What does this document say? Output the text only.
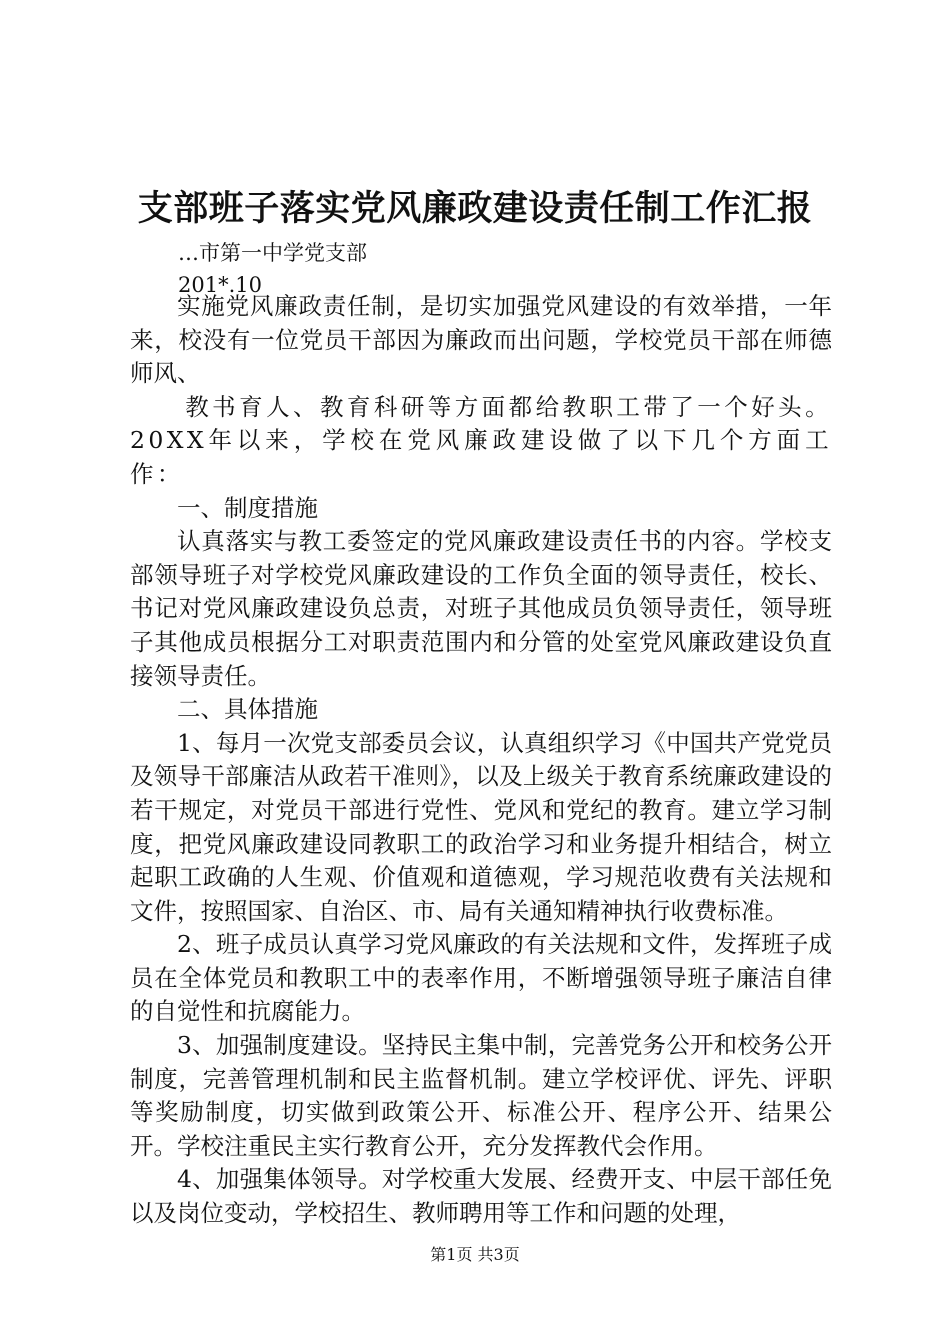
支部班子落实党风廉政建设责任制工作汇报
…市第一中学党支部
201*.10

实施党风廉政责任制，是切实加强党风建设的有效举措，一年来，校没有一位党员干部因为廉政而出问题，学校党员干部在师德师风、

教书育人、教育科研等方面都给教职工带了一个好头。20XX年以来，学校在党风廉政建设做了以下几个方面工作：

一、制度措施

认真落实与教工委签定的党风廉政建设责任书的内容。学校支部领导班子对学校党风廉政建设的工作负全面的领导责任，校长、书记对党风廉政建设负总责，对班子其他成员负领导责任，领导班子其他成员根据分工对职责范围内和分管的处室党风廉政建设负直接领导责任。

二、具体措施

1、每月一次党支部委员会议，认真组织学习《中国共产党党员及领导干部廉洁从政若干准则》，以及上级关于教育系统廉政建设的若干规定，对党员干部进行党性、党风和党纪的教育。建立学习制度，把党风廉政建设同教职工的政治学习和业务提升相结合，树立起职工政确的人生观、价值观和道德观，学习规范收费有关法规和文件，按照国家、自治区、市、局有关通知精神执行收费标准。

2、班子成员认真学习党风廉政的有关法规和文件，发挥班子成员在全体党员和教职工中的表率作用，不断增强领导班子廉洁自律的自觉性和抗腐能力。

3、加强制度建设。坚持民主集中制，完善党务公开和校务公开制度，完善管理机制和民主监督机制。建立学校评优、评先、评职等奖励制度，切实做到政策公开、标准公开、程序公开、结果公开。学校注重民主实行教育公开，充分发挥教代会作用。

4、加强集体领导。对学校重大发展、经费开支、中层干部任免以及岗位变动，学校招生、教师聘用等工作和问题的处理，

第1页 共3页
